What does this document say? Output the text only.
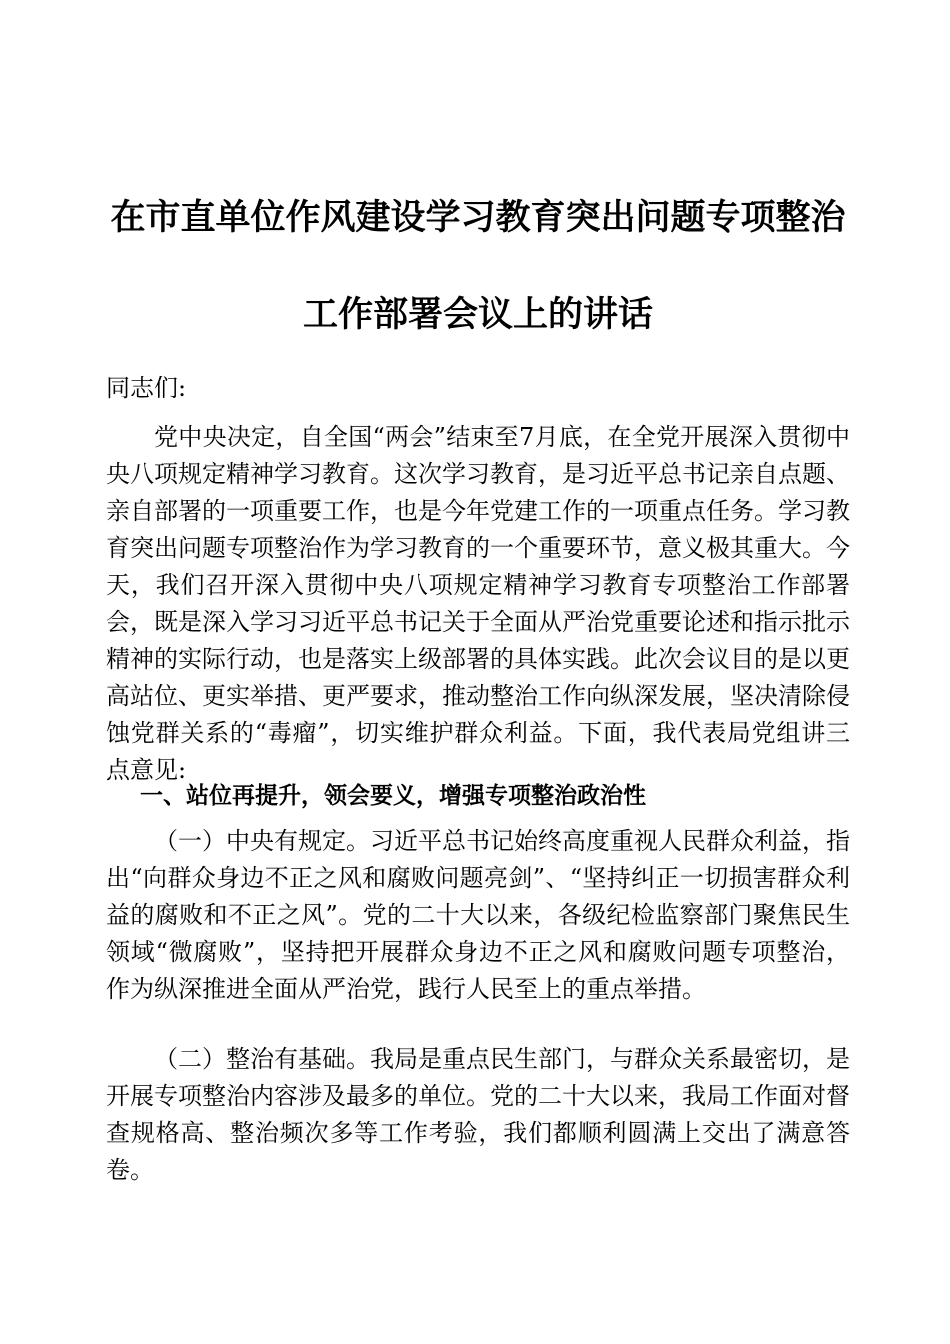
在市直单位作风建设学习教育突出问题专项整治
工作部署会议上的讲话
同志们:
党中央决定，自全国“两会”结束至7月底，在全党开展深入贯彻中央八项规定精神学习教育。这次学习教育，是习近平总书记亲自点题、亲自部署的一项重要工作，也是今年党建工作的一项重点任务。学习教育突出问题专项整治作为学习教育的一个重要环节，意义极其重大。今天，我们召开深入贯彻中央八项规定精神学习教育专项整治工作部署会，既是深入学习习近平总书记关于全面从严治党重要论述和指示批示精神的实际行动，也是落实上级部署的具体实践。此次会议目的是以更高站位、更实举措、更严要求，推动整治工作向纵深发展，坚决清除侵蚀党群关系的“毒瘤”，切实维护群众利益。下面，我代表局党组讲三点意见:
一、站位再提升，领会要义，增强专项整治政治性
（一）中央有规定。习近平总书记始终高度重视人民群众利益，指出“向群众身边不正之风和腐败问题亮剑”、“坚持纠正一切损害群众利益的腐败和不正之风”。党的二十大以来，各级纪检监察部门聚焦民生领域“微腐败”，坚持把开展群众身边不正之风和腐败问题专项整治，作为纵深推进全面从严治党，践行人民至上的重点举措。
（二）整治有基础。我局是重点民生部门，与群众关系最密切，是开展专项整治内容涉及最多的单位。党的二十大以来，我局工作面对督查规格高、整治频次多等工作考验，我们都顺利圆满上交出了满意答卷。
